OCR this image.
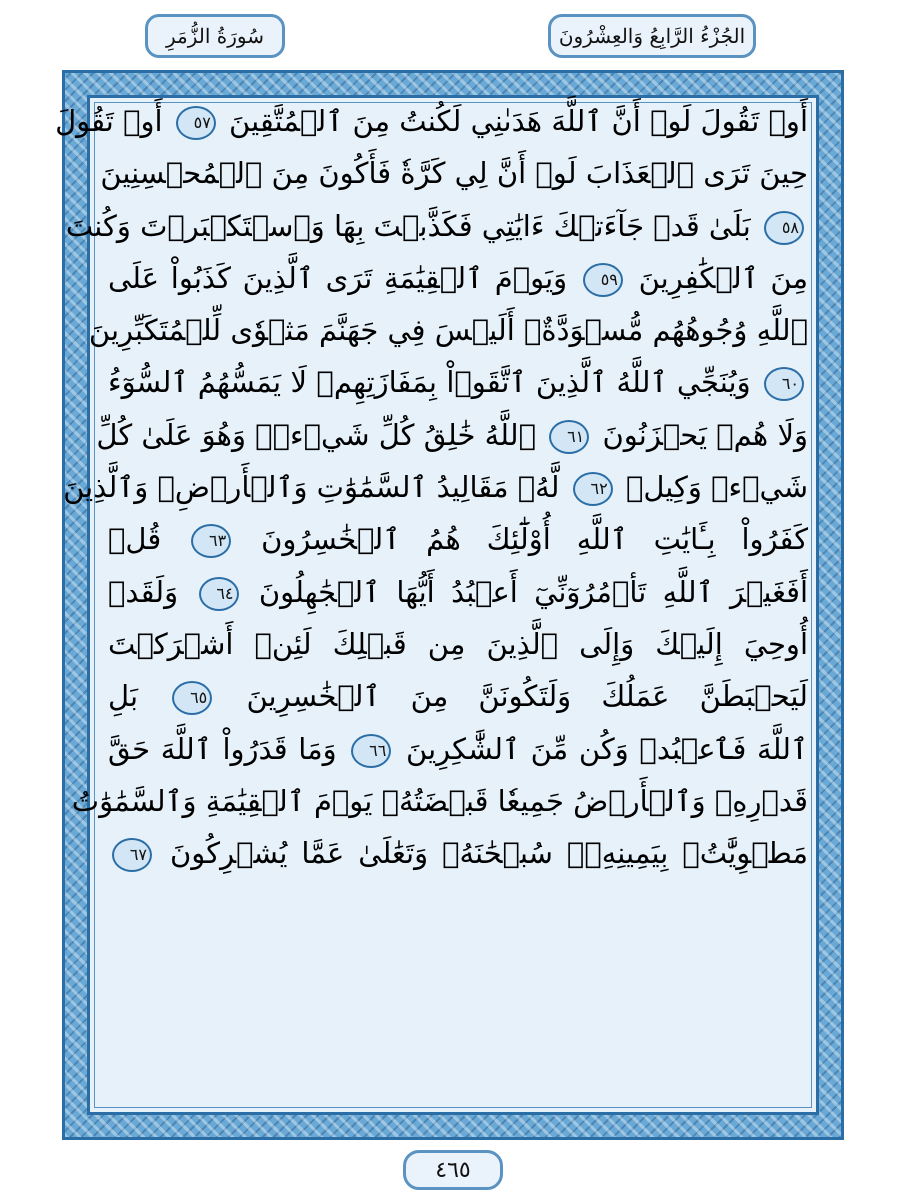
سُورَةُ الزُّمَرِ	الجُزْءُ الرَّابِعُ وَالعِشْرُونَ
أَوۡ تَقُولَ لَوۡ أَنَّ ٱللَّهَ هَدَىٰنِي لَكُنتُ مِنَ ٱلۡمُتَّقِينَ ٥٧ أَوۡ تَقُولَ
حِينَ تَرَى ٱلۡعَذَابَ لَوۡ أَنَّ لِي كَرَّةٗ فَأَكُونَ مِنَ ٱلۡمُحۡسِنِينَ
٥٨ بَلَىٰ قَدۡ جَآءَتۡكَ ءَايَٰتِي فَكَذَّبۡتَ بِهَا وَٱسۡتَكۡبَرۡتَ وَكُنتَ
مِنَ ٱلۡكَٰفِرِينَ ٥٩ وَيَوۡمَ ٱلۡقِيَٰمَةِ تَرَى ٱلَّذِينَ كَذَبُواْ عَلَى
ٱللَّهِ وُجُوهُهُم مُّسۡوَدَّةٌۚ أَلَيۡسَ فِي جَهَنَّمَ مَثۡوٗى لِّلۡمُتَكَبِّرِينَ
٦٠ وَيُنَجِّي ٱللَّهُ ٱلَّذِينَ ٱتَّقَوۡاْ بِمَفَازَتِهِمۡ لَا يَمَسُّهُمُ ٱلسُّوٓءُ
وَلَا هُمۡ يَحۡزَنُونَ ٦١ ٱللَّهُ خَٰلِقُ كُلِّ شَيۡءٖۖ وَهُوَ عَلَىٰ كُلِّ
شَيۡءٖ وَكِيلٞ ٦٢ لَّهُۥ مَقَالِيدُ ٱلسَّمَٰوَٰتِ وَٱلۡأَرۡضِۗ وَٱلَّذِينَ
كَفَرُواْ بِـَٔايَٰتِ ٱللَّهِ أُوْلَٰٓئِكَ هُمُ ٱلۡخَٰسِرُونَ ٦٣ قُلۡ
أَفَغَيۡرَ ٱللَّهِ تَأۡمُرُوٓنِّيٓ أَعۡبُدُ أَيُّهَا ٱلۡجَٰهِلُونَ ٦٤ وَلَقَدۡ
أُوحِيَ إِلَيۡكَ وَإِلَى ٱلَّذِينَ مِن قَبۡلِكَ لَئِنۡ أَشۡرَكۡتَ
لَيَحۡبَطَنَّ عَمَلُكَ وَلَتَكُونَنَّ مِنَ ٱلۡخَٰسِرِينَ ٦٥ بَلِ
ٱللَّهَ فَٱعۡبُدۡ وَكُن مِّنَ ٱلشَّٰكِرِينَ ٦٦ وَمَا قَدَرُواْ ٱللَّهَ حَقَّ
قَدۡرِهِۦ وَٱلۡأَرۡضُ جَمِيعٗا قَبۡضَتُهُۥ يَوۡمَ ٱلۡقِيَٰمَةِ وَٱلسَّمَٰوَٰتُ
مَطۡوِيَّٰتُۢ بِيَمِينِهِۦۚ سُبۡحَٰنَهُۥ وَتَعَٰلَىٰ عَمَّا يُشۡرِكُونَ ٦٧
٤٦٥
